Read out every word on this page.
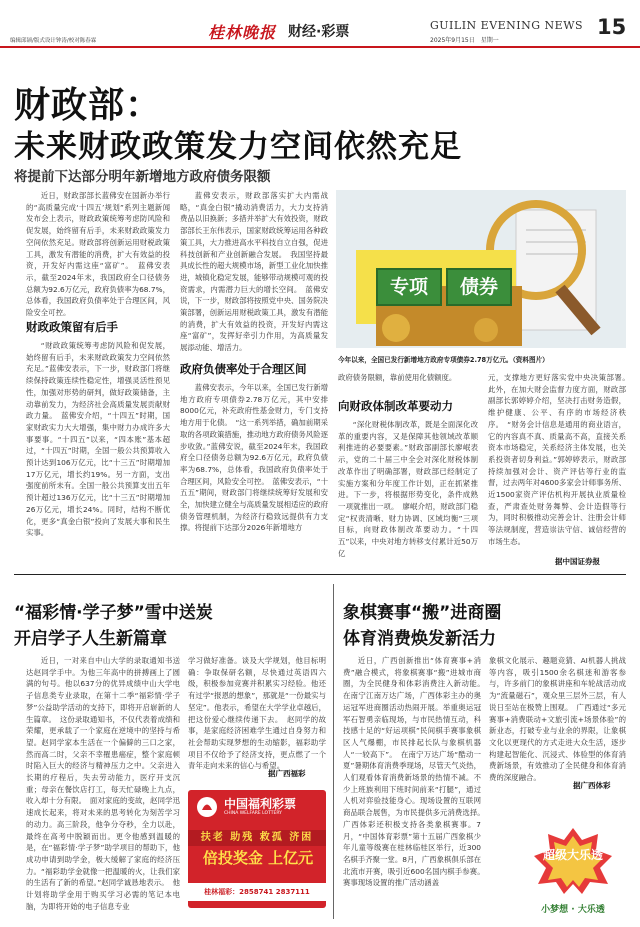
编辑邱颉/版式设计钟涛/校对陈春霖	桂林晚报 财经·彩票	GUILIN EVENING NEWS
2025年9月15日　星期一
15
财政部：
未来财政政策发力空间依然充足
将提前下达部分明年新增地方政府债务限额

近日，财政部部长蓝佛安在国新办举行的“高质量完成‘十四五’规划”系列主题新闻发布会上表示，财政政策统筹考虑防风险和促发展，始终留有后手，未来财政政策发力空间依然充足。财政部将创新运用财税政策工具，激发有潜能的消费，扩大有效益的投资，开发好内需这座“富矿”。　蓝佛安表示，截至2024年末，我国政府全口径债务总额为92.6万亿元，政府负债率为68.7%，总体看，我国政府负债率处于合理区间，风险安全可控。

财政政策留有后手

“财政政策统筹考虑防风险和促发展，始终留有后手，未来财政政策发力空间依然充足。”蓝佛安表示，下一步，财政部门将继续保持政策连续性稳定性，增强灵活性预见性，加强对形势的研判，做好政策储备，主动靠前发力，为经济社会高质量发展贡献财政力量。　蓝佛安介绍，“十四五”时期，国家财政实力大大增强，集中财力办成许多大事要事。“十四五”以来，“四本账”基本超过，“十四五”时期，全国一般公共预算收入预计达到106万亿元，比“十三五”时期增加17万亿元，增长约19%。另一方面，支出强度前所未有。全国一般公共预算支出五年预计超过136万亿元，比“十三五”时期增加26万亿元，增长24%。同时，结构不断优化，更多“真金白银”投向了发展大事和民生实事。

蓝佛安表示，财政部落实扩大内需战略，“真金白银”撬动消费活力，大力支持消费品以旧换新；多措并举扩大有效投资，财政部部长王东伟表示，国家财政统筹运用各种政策工具，大力推进高水平科技自立自强，促进科技创新和产业创新融合发展。　我国坚持最具成长性的超大规模市场，新型工业化加快推进，城镇化稳定发展，能够带动规模可观的投资需求，内需潜力巨大的增长空间。　蓝佛安说，下一步，财政部将按照党中央、国务院决策部署，创新运用财税政策工具，激发有潜能的消费，扩大有效益的投资，开发好内需这座“富矿”，发挥好牵引力作用，为高质量发展添动能、增活力。

政府负债率处于合理区间

蓝佛安表示，今年以来，全国已发行新增地方政府专项债券2.78万亿元，其中安排8000亿元，补充政府性基金财力，专门支持地方用于化债。　“这一系列举措，确加前期采取的各项政策措施，推动地方政府债务风险逐步收敛。”蓝佛安说，截至2024年末，我国政府全口径债务总额为92.6万亿元，政府负债率为68.7%，总体看，我国政府负债率处于合理区间，风险安全可控。　蓝佛安表示，“十五五”期间，财政部门将继续统筹好发展和安全，加快建立健全与高质量发展相适应的政府债务管理机制，为经济行稳致远提供有力支撑。将提前下达部分2026年新增地方

专项	债券
今年以来，全国已发行新增地方政府专项债券2.78万亿元。（资料图片）

政府债务限额，靠前使用化债额度。

向财政体制改革要动力

“深化财税体制改革，既是全面深化改革的重要内容，又是保障其他领域改革顺利推进的必要要素。”财政部副部长廖岷表示，党的二十届三中全会对深化财税体制改革作出了明确部署，财政部已经制定了实施方案和分年度工作计划，正在抓紧推进。下一步，将根据形势变化，条件成熟一项就推出一项。　廖岷介绍，财政部门稳定“权责清晰、财力协调、区域均衡”三项目标，向财政体制改革要动力。“十四五”以来，中央对地方转移支付累计近50万亿

元，支撑地方更好落实党中央决策部署。　此外，在加大财会监督力度方面，财政部副部长郭婷婷介绍，坚决打击财务造假，维护健康、公平、有序的市场经济秩序。　“财务会计信息是通用的商业语言，它的内容真不真、质量高不高，直接关系资本市场稳定，关系经济主体发展，也关系投资者切身利益。”郭婷婷表示，财政部持续加强对会计、资产评估等行业的监督，过去两年对4600多家会计师事务所、近1500家资产评估机构开展执业质量检查，严肃查处财务舞弊、会计造假等行为，同时积极推动完善会计、注册会计师等法规制度，营造崇法守信、诚信经营的市场生态。

据中国证券报
“福彩情·学子梦”雪中送炭
开启学子人生新篇章

近日，一对来自中山大学的录取通知书送达赵同学手中。为他三年高中的拼搏画上了圆满的句号。他以637分的优异成绩中山大学电子信息类专业录取，在第十二季“福彩情·学子梦”公益助学活动的支持下，即将开启崭新的人生篇章。　这份录取通知书，不仅代表着成绩和荣耀，更承载了一个家庭在逆境中的坚持与希望。赵同学家本生活在一个偏僻的三口之家，然而高二时，父亲不幸罹患癌症，整个家庭顿时陷入巨大的经济与精神压力之中。父亲进入长期的疗程后，失去劳动能力，医疗开支沉重；母亲在餐饮店打工，每天忙碌晚上九点，收入却十分有限。　面对家庭的变故，赵同学迅速成长起来，将对未来的思考转化为刻苦学习的动力。高三阶段，他争分夺秒，全力以赴，最终在高考中脱颖而出。更令他感到温暖的是，在“福彩情·学子梦”助学项目的帮助下，他成功申请到助学金，极大缓解了家庭的经济压力。“福彩助学金就像一把温暖的火，让我们家的生活有了新的希望。”赵同学诚恳地表示。　他计划将助学金用于购买学习必需的笔记本电脑，为即将开始的电子信息专业

学习做好准备。谈及大学规划，他目标明确：争取保研名额，尽快通过英语四六级，积极参加竞赛并积累实习经验。他还有过学“报恩的想象”，那就是“一份最实与坚定”。他表示，希望在大学学业卓越后，把这份爱心继续传递下去。　赵同学的故事，是家庭经济困难学生通过自身努力和社会帮助实现梦想的生动缩影，福彩助学项目不仅给予了经济支持，更点燃了一个青年走向未来的信心与希望。

据广西福彩
中国福利彩票
CHINA WELFARE LOTTERY
扶老 助残 救孤 济困
倍投奖金 上亿元
桂林福彩：2858741 2837111
象棋赛事“搬”进商圈
体育消费焕发新活力

近日，广西创新推出“体育赛事+消费”融合模式，将象棋赛事“搬”进城市商圈，为全民健身和体彩消费注入新动能。　在南宁江南万达广场，广西体彩主办的奥运冠军进商圈活动热闹开展。举重奥运冠军石智勇亲临现场，与市民热情互动，科技感十足的“好运项棋”民间棋手赛事象棋区人气爆棚，市民排起长队与象棋机器人“一较高下”。　在南宁万达广场“酷动一夏”暑期体育消费季现场，尽管天气炎热，人们观看体育消费新场景的热情不减。不少上班族利用下班时间前来“打腿”，通过人机对弈验技能身心。现场设置的互联网商品联合展售，为市民提供多元消费选择。　广西体彩还积极支持各类象棋赛事。7月，“中国体育彩票”第十五届广西象棋少年儿童等级赛在桂林临桂区举行，近300名棋手齐聚一堂。8月，广西象棋俱乐部在北流市开赛，吸引近600名国内棋手参赛。　赛事现场设置的推广活动涵盖

象棋文化展示、趣题竞猜、AI机器人挑战等内容，吸引1500余名棋迷和游客参与，许多前门的象棋讲座和车轮战活动成为“流量磁石”，观众里三层外三层，有人说日至站在极赞上围观。　广西通过“多元赛事+消费联动+文旅引流+场景体验”的新业态，打破专业与业余的界限，让象棋文化以更现代的方式走进大众生活，逐步构建起智能化、沉浸式、体验型的体育消费新场景，有效推动了全民健身和体育消费的深度融合。

据广西体彩
超级大乐透
小梦想 · 大乐透
